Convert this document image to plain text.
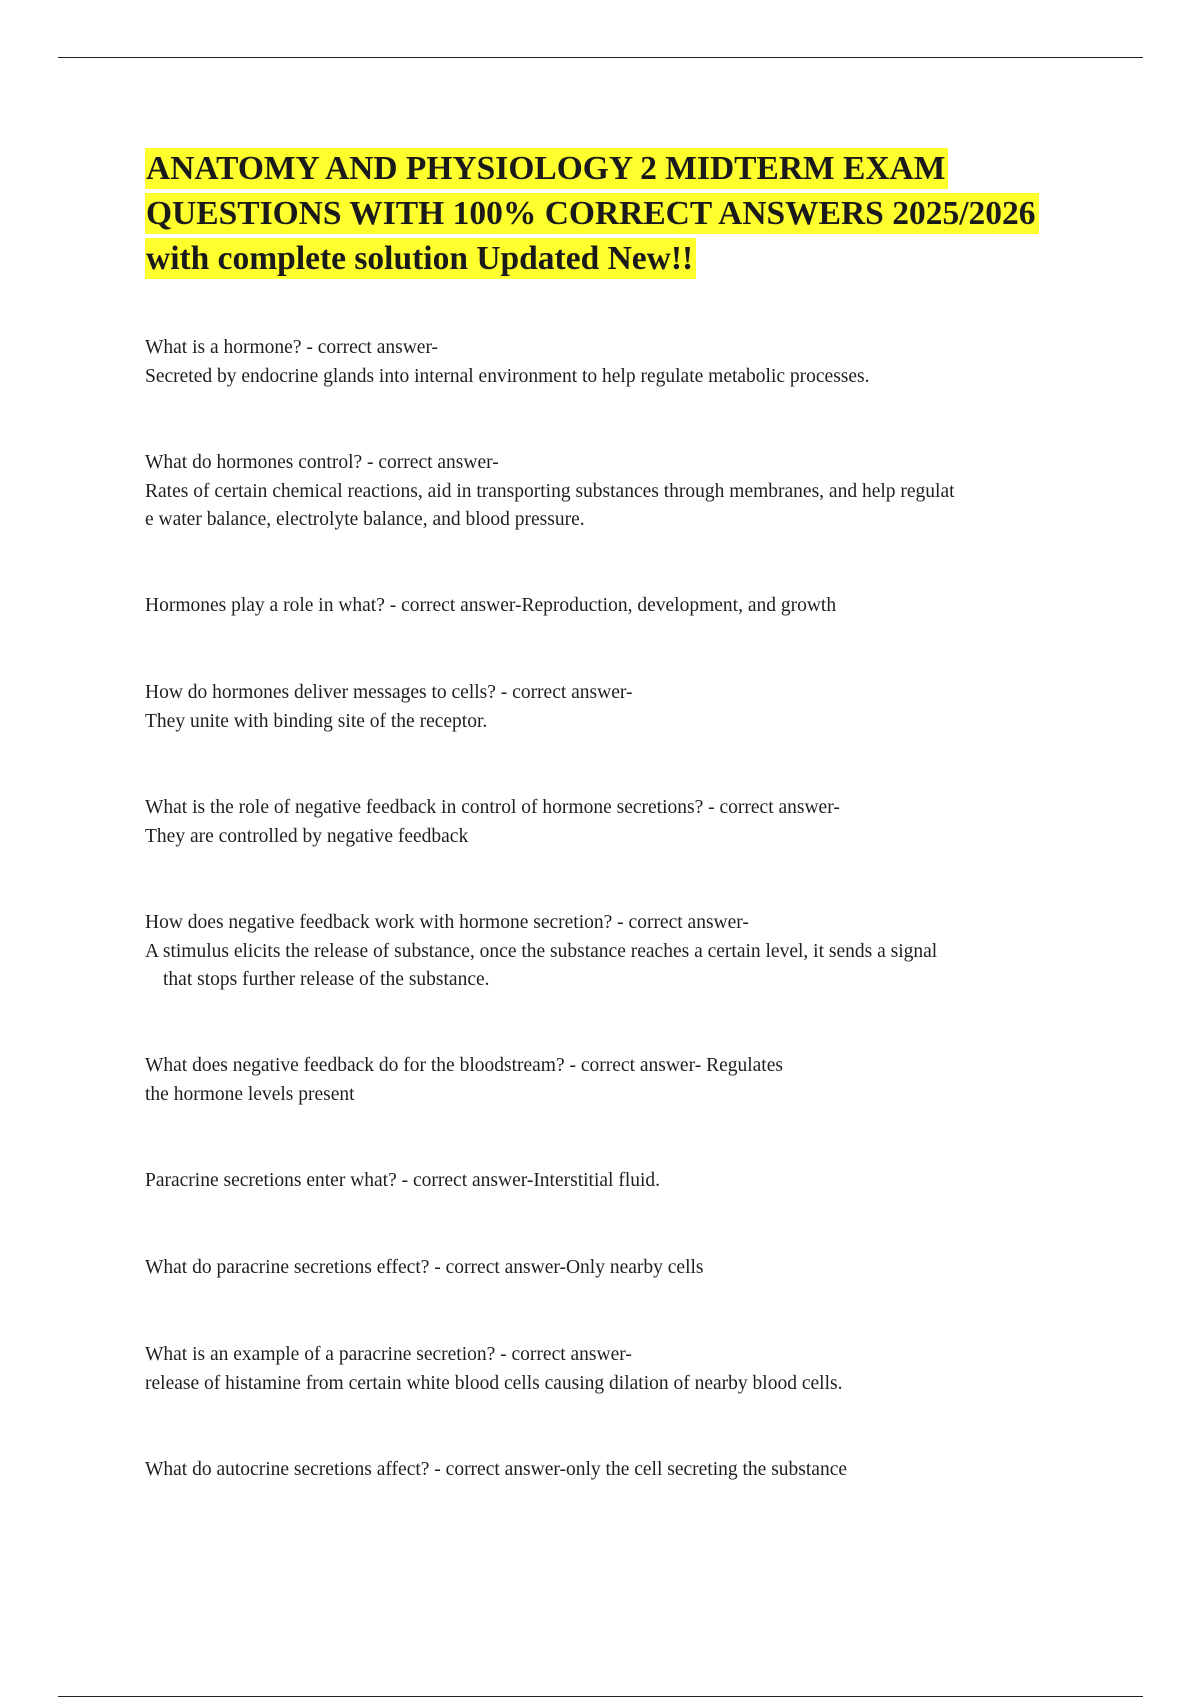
ANATOMY AND PHYSIOLOGY 2 MIDTERM EXAM
QUESTIONS WITH 100% CORRECT ANSWERS 2025/2026
with complete solution Updated New!!

What is a hormone? - correct answer-

Secreted by endocrine glands into internal environment to help regulate metabolic processes.

What do hormones control? - correct answer-

Rates of certain chemical reactions, aid in transporting substances through membranes, and help regulat

e water balance, electrolyte balance, and blood pressure.

Hormones play a role in what? - correct answer-Reproduction, development, and growth

How do hormones deliver messages to cells? - correct answer-

They unite with binding site of the receptor.

What is the role of negative feedback in control of hormone secretions? - correct answer-

They are controlled by negative feedback

How does negative feedback work with hormone secretion? - correct answer-

A stimulus elicits the release of substance, once the substance reaches a certain level, it sends a signal

that stops further release of the substance.

What does negative feedback do for the bloodstream? - correct answer- Regulates

the hormone levels present

Paracrine secretions enter what? - correct answer-Interstitial fluid.

What do paracrine secretions effect? - correct answer-Only nearby cells

What is an example of a paracrine secretion? - correct answer-

release of histamine from certain white blood cells causing dilation of nearby blood cells.

What do autocrine secretions affect? - correct answer-only the cell secreting the substance
